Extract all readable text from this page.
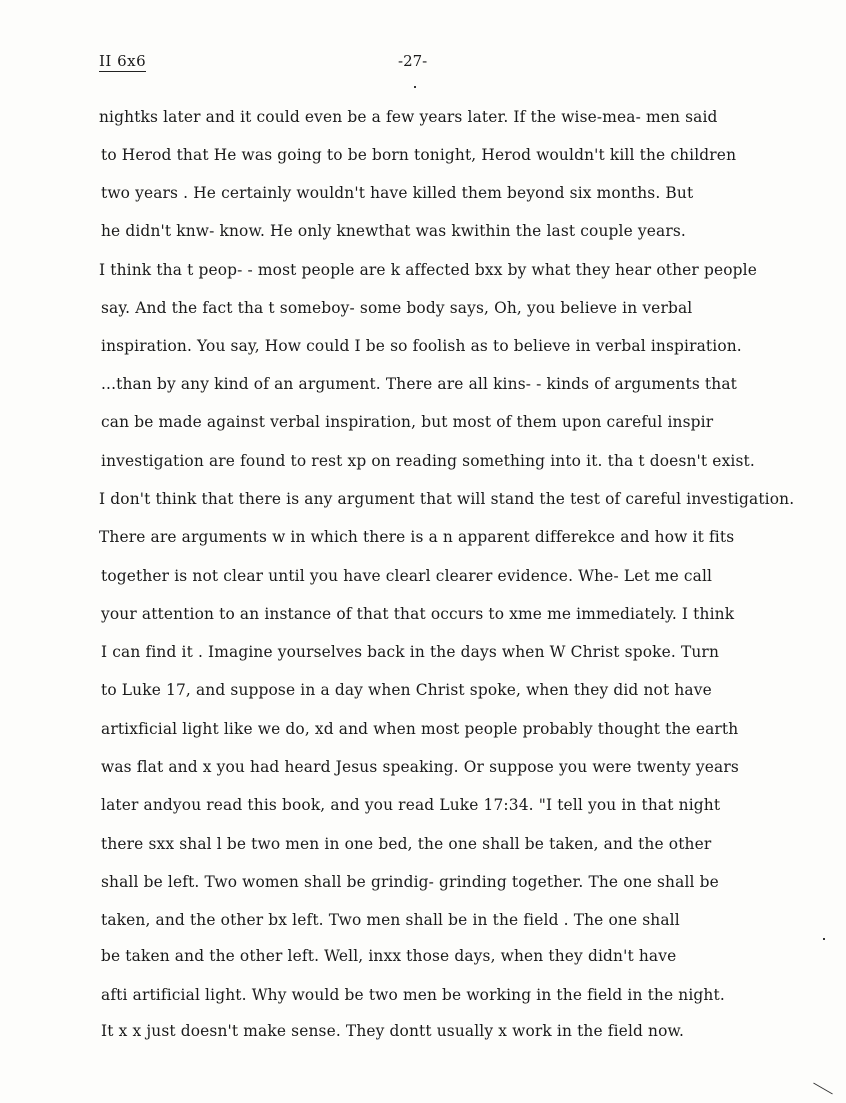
II 6x6	-27-
nightks later and it could even be a few years later. If the wise-mea- men said
to Herod that He was going to be born tonight, Herod wouldn't kill the children
two years . He certainly wouldn't have killed them beyond six months. But
he didn't knw- know. He only knewthat was kwithin the last couple years.
I think tha t peop- - most people are k affected bxx by what they hear other people
say. And the fact tha t someboy- some body says, Oh, you believe in verbal
inspiration. You say, How could I be so foolish as to believe in verbal inspiration.
...than by any kind of an argument. There are all kins- - kinds of arguments that
can be made against verbal inspiration, but most of them upon careful inspir
investigation are found to rest xp on reading something into it. tha t doesn't exist.
I don't think that there is any argument that will stand the test of careful investigation.
There are arguments w in which there is a n apparent differekce and how it fits
together is not clear until you have clearl clearer evidence. Whe- Let me call
your attention to an instance of that that occurs to xme me immediately. I think
I can find it . Imagine yourselves back in the days when W Christ spoke. Turn
to Luke 17, and suppose in a day when Christ spoke, when they did not have
artixficial light like we do, xd and when most people probably thought the earth
was flat and x you had heard Jesus speaking. Or suppose you were twenty years
later andyou read this book, and you read Luke 17:34. "I tell you in that night
there sxx shal l be two men in one bed, the one shall be taken, and the other
shall be left. Two women shall be grindig- grinding together. The one shall be
taken, and the other bx left. Two men shall be in the field . The one shall
be taken and the other left. Well, inxx those days, when they didn't have
afti artificial light. Why would be two men be working in the field in the night.
It x x just doesn't make sense. They dontt usually x work in the field now.
